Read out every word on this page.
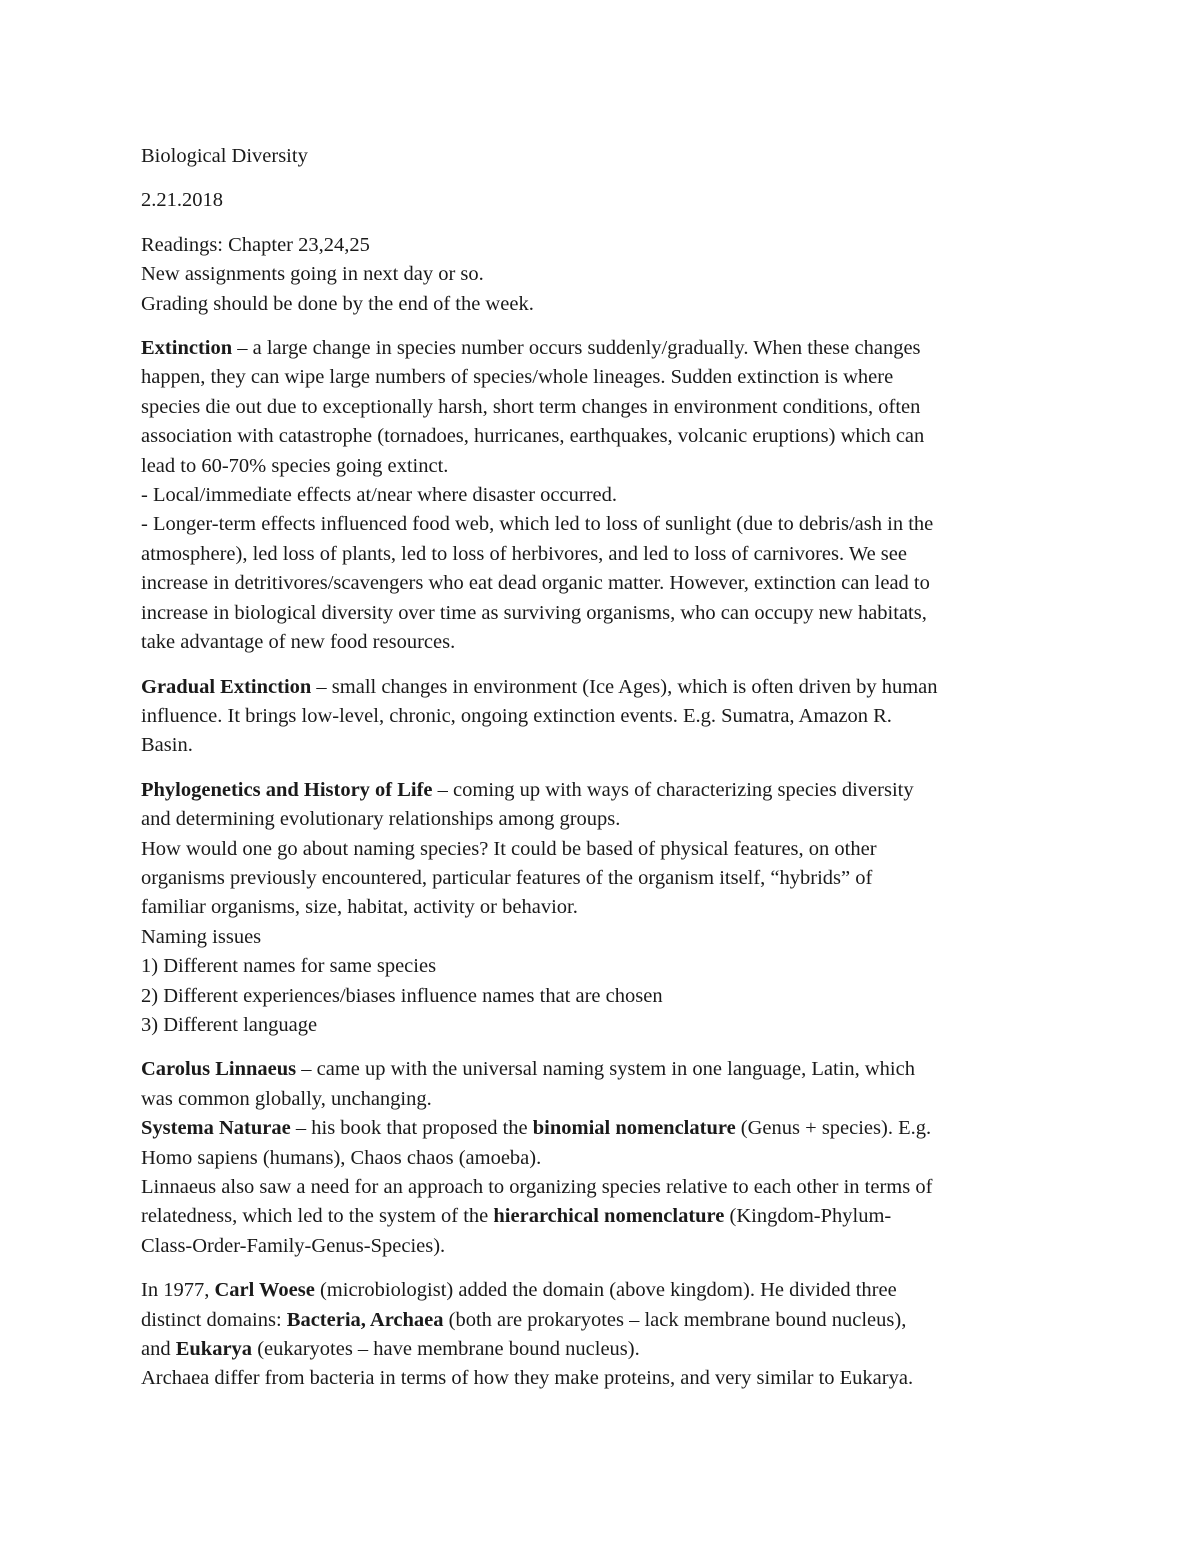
Biological Diversity
2.21.2018
Readings: Chapter 23,24,25
New assignments going in next day or so.
Grading should be done by the end of the week.
Extinction – a large change in species number occurs suddenly/gradually. When these changes
happen, they can wipe large numbers of species/whole lineages. Sudden extinction is where
species die out due to exceptionally harsh, short term changes in environment conditions, often
association with catastrophe (tornadoes, hurricanes, earthquakes, volcanic eruptions) which can
lead to 60-70% species going extinct.
- Local/immediate effects at/near where disaster occurred.
- Longer-term effects influenced food web, which led to loss of sunlight (due to debris/ash in the
atmosphere), led loss of plants, led to loss of herbivores, and led to loss of carnivores. We see
increase in detritivores/scavengers who eat dead organic matter. However, extinction can lead to
increase in biological diversity over time as surviving organisms, who can occupy new habitats,
take advantage of new food resources.
Gradual Extinction – small changes in environment (Ice Ages), which is often driven by human
influence. It brings low-level, chronic, ongoing extinction events. E.g. Sumatra, Amazon R.
Basin.
Phylogenetics and History of Life – coming up with ways of characterizing species diversity
and determining evolutionary relationships among groups.
How would one go about naming species? It could be based of physical features, on other
organisms previously encountered, particular features of the organism itself, “hybrids” of
familiar organisms, size, habitat, activity or behavior.
Naming issues
1) Different names for same species
2) Different experiences/biases influence names that are chosen
3) Different language
Carolus Linnaeus – came up with the universal naming system in one language, Latin, which
was common globally, unchanging.
Systema Naturae – his book that proposed the binomial nomenclature (Genus + species). E.g.
Homo sapiens (humans), Chaos chaos (amoeba).
Linnaeus also saw a need for an approach to organizing species relative to each other in terms of
relatedness, which led to the system of the hierarchical nomenclature (Kingdom-Phylum-
Class-Order-Family-Genus-Species).
In 1977, Carl Woese (microbiologist) added the domain (above kingdom). He divided three
distinct domains: Bacteria, Archaea (both are prokaryotes – lack membrane bound nucleus),
and Eukarya (eukaryotes – have membrane bound nucleus).
Archaea differ from bacteria in terms of how they make proteins, and very similar to Eukarya.
